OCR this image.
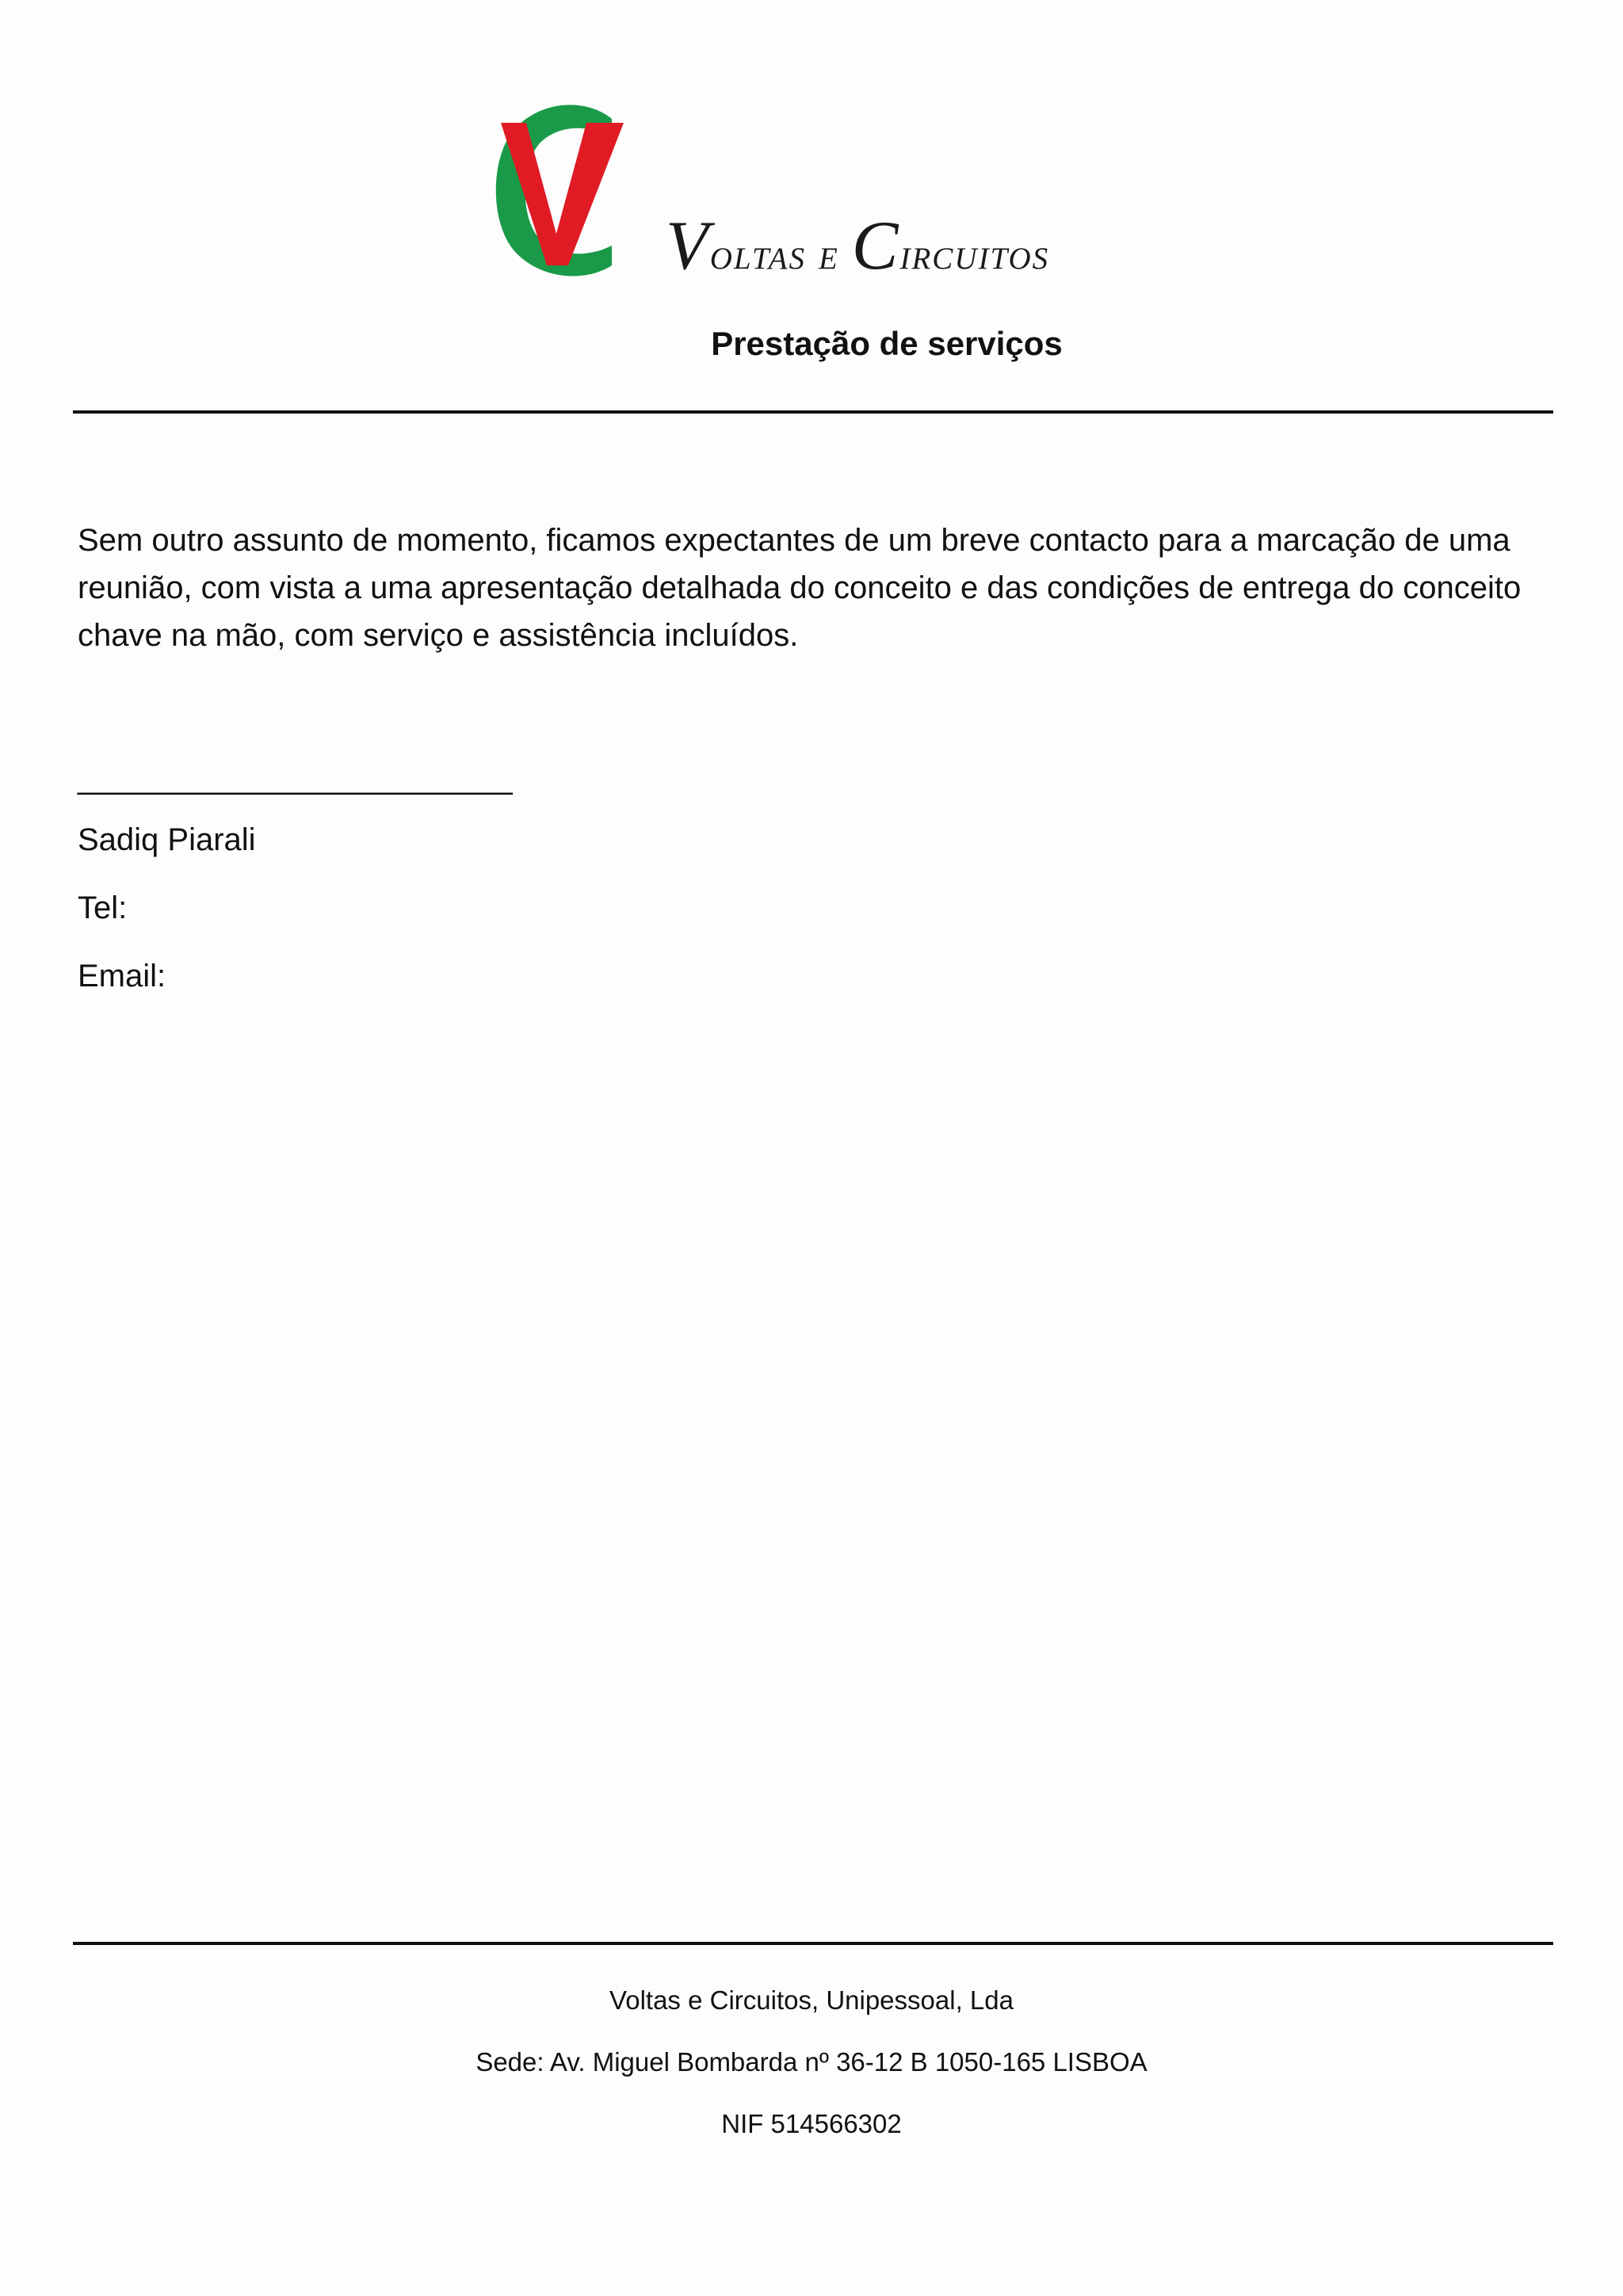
Voltas e Circuitos
Prestação de serviços
Sem outro assunto de momento, ficamos expectantes de um breve contacto para a marcação de uma reunião, com vista a uma apresentação detalhada do conceito e das condições de entrega do conceito chave na mão, com serviço e assistência incluídos.
___________________________
Sadiq Piarali
Tel:
Email:
Voltas e Circuitos, Unipessoal, Lda
Sede: Av. Miguel Bombarda nº 36-12 B 1050-165 LISBOA
NIF 514566302
